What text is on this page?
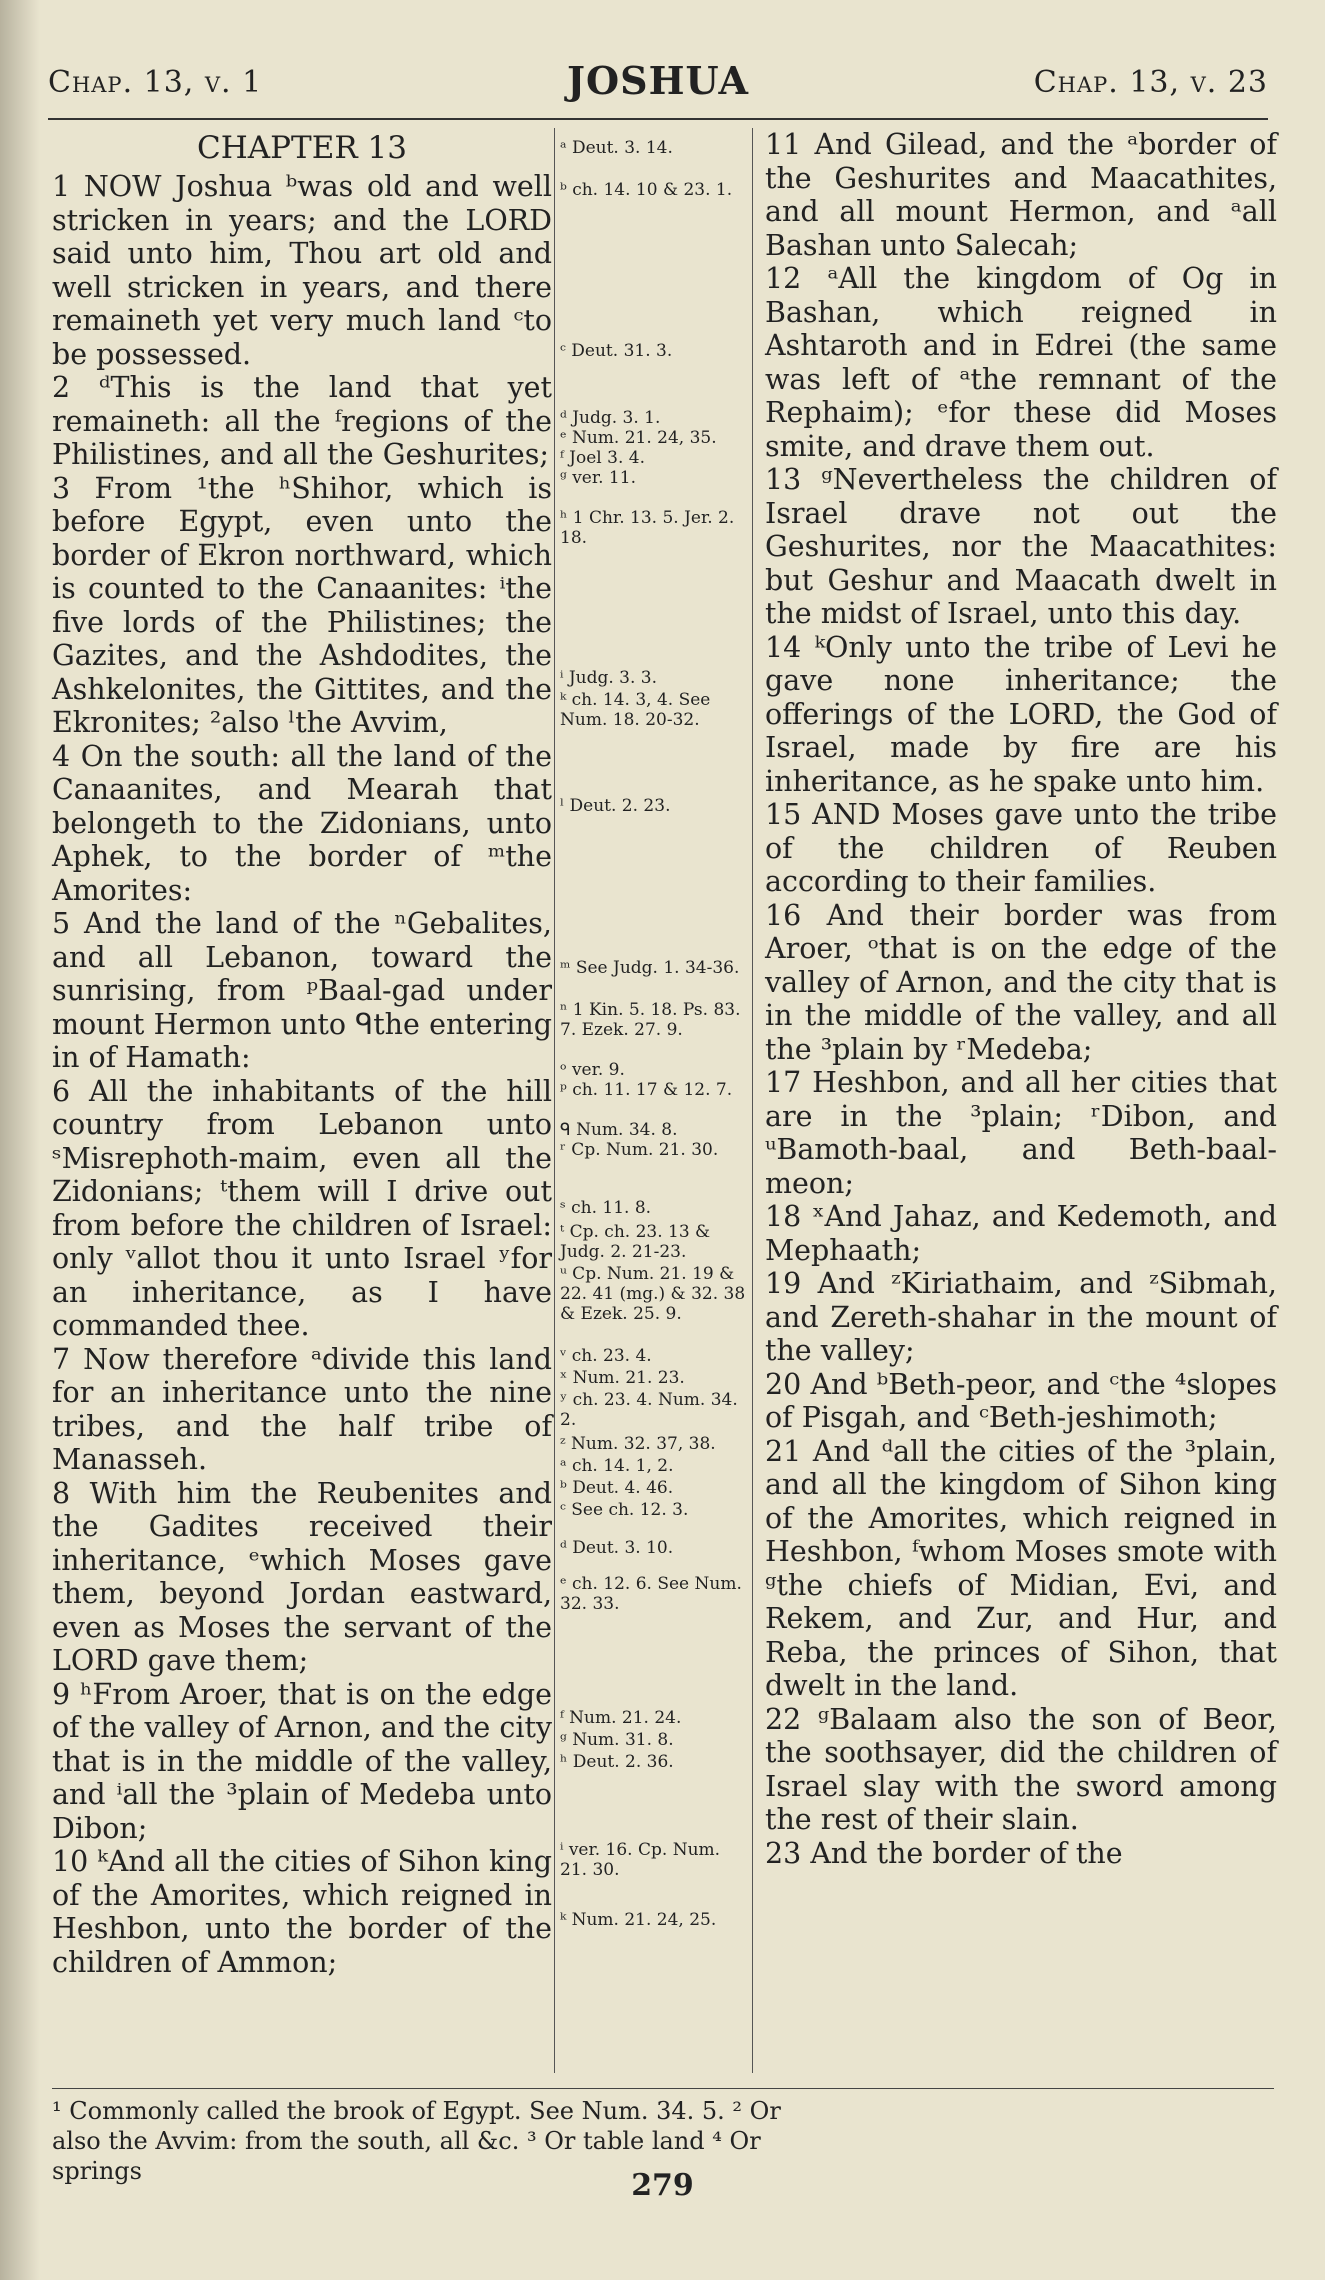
Chap. 13, v. 1	JOSHUA	Chap. 13, v. 23
CHAPTER 13

1 NOW Joshua ᵇwas old and well stricken in years; and the LORD said unto him, Thou art old and well stricken in years, and there remaineth yet very much land ᶜto be possessed.

2 ᵈThis is the land that yet remaineth: all the ᶠregions of the Philistines, and all the Geshurites;

3 From ¹the ʰShihor, which is before Egypt, even unto the border of Ekron northward, which is counted to the Canaanites: ⁱthe five lords of the Philistines; the Gazites, and the Ashdodites, the Ashkelonites, the Gittites, and the Ekronites; ²also ˡthe Avvim,

4 On the south: all the land of the Canaanites, and Mearah that belongeth to the Zidonians, unto Aphek, to the border of ᵐthe Amorites:

5 And the land of the ⁿGebalites, and all Lebanon, toward the sunrising, from ᵖBaal-gad under mount Hermon unto ᑫthe entering in of Hamath:

6 All the inhabitants of the hill country from Lebanon unto ˢMisrephoth-maim, even all the Zidonians; ᵗthem will I drive out from before the children of Israel: only ᵛallot thou it unto Israel ʸfor an inheritance, as I have commanded thee.

7 Now therefore ᵃdivide this land for an inheritance unto the nine tribes, and the half tribe of Manasseh.

8 With him the Reubenites and the Gadites received their inheritance, ᵉwhich Moses gave them, beyond Jordan eastward, even as Moses the servant of the LORD gave them;

9 ʰFrom Aroer, that is on the edge of the valley of Arnon, and the city that is in the middle of the valley, and ⁱall the ³plain of Medeba unto Dibon;

10 ᵏAnd all the cities of Sihon king of the Amorites, which reigned in Heshbon, unto the border of the children of Ammon;

ᵃ Deut. 3. 14.
ᵇ ch. 14. 10 & 23. 1.
ᶜ Deut. 31. 3.
ᵈ Judg. 3. 1.
ᵉ Num. 21. 24, 35.
ᶠ Joel 3. 4.
ᵍ ver. 11.
ʰ 1 Chr. 13. 5. Jer. 2. 18.
ⁱ Judg. 3. 3.
ᵏ ch. 14. 3, 4. See Num. 18. 20-32.
ˡ Deut. 2. 23.
ᵐ See Judg. 1. 34-36.
ⁿ 1 Kin. 5. 18. Ps. 83. 7. Ezek. 27. 9.
ᵒ ver. 9.
ᵖ ch. 11. 17 & 12. 7.
ᑫ Num. 34. 8.
ʳ Cp. Num. 21. 30.
ˢ ch. 11. 8.
ᵗ Cp. ch. 23. 13 & Judg. 2. 21-23.
ᵘ Cp. Num. 21. 19 & 22. 41 (mg.) & 32. 38 & Ezek. 25. 9.
ᵛ ch. 23. 4.
ˣ Num. 21. 23.
ʸ ch. 23. 4. Num. 34. 2.
ᶻ Num. 32. 37, 38.
ᵃ ch. 14. 1, 2.
ᵇ Deut. 4. 46.
ᶜ See ch. 12. 3.
ᵈ Deut. 3. 10.
ᵉ ch. 12. 6. See Num. 32. 33.
ᶠ Num. 21. 24.
ᵍ Num. 31. 8.
ʰ Deut. 2. 36.
ⁱ ver. 16. Cp. Num. 21. 30.
ᵏ Num. 21. 24, 25.

11 And Gilead, and the ᵃborder of the Geshurites and Maacathites, and all mount Hermon, and ᵃall Bashan unto Salecah;

12 ᵃAll the kingdom of Og in Bashan, which reigned in Ashtaroth and in Edrei (the same was left of ᵃthe remnant of the Rephaim); ᵉfor these did Moses smite, and drave them out.

13 ᵍNevertheless the children of Israel drave not out the Geshurites, nor the Maacathites: but Geshur and Maacath dwelt in the midst of Israel, unto this day.

14 ᵏOnly unto the tribe of Levi he gave none inheritance; the offerings of the LORD, the God of Israel, made by fire are his inheritance, as he spake unto him.

15 AND Moses gave unto the tribe of the children of Reuben according to their families.

16 And their border was from Aroer, ᵒthat is on the edge of the valley of Arnon, and the city that is in the middle of the valley, and all the ³plain by ʳMedeba;

17 Heshbon, and all her cities that are in the ³plain; ʳDibon, and ᵘBamoth-baal, and Beth-baal-meon;

18 ˣAnd Jahaz, and Kedemoth, and Mephaath;

19 And ᶻKiriathaim, and ᶻSibmah, and Zereth-shahar in the mount of the valley;

20 And ᵇBeth-peor, and ᶜthe ⁴slopes of Pisgah, and ᶜBeth-jeshimoth;

21 And ᵈall the cities of the ³plain, and all the kingdom of Sihon king of the Amorites, which reigned in Heshbon, ᶠwhom Moses smote with ᵍthe chiefs of Midian, Evi, and Rekem, and Zur, and Hur, and Reba, the princes of Sihon, that dwelt in the land.

22 ᵍBalaam also the son of Beor, the soothsayer, did the children of Israel slay with the sword among the rest of their slain.

23 And the border of the

¹ Commonly called the brook of Egypt. See Num. 34. 5. ² Or also the Avvim: from the south, all &c. ³ Or table land ⁴ Or springs	279
